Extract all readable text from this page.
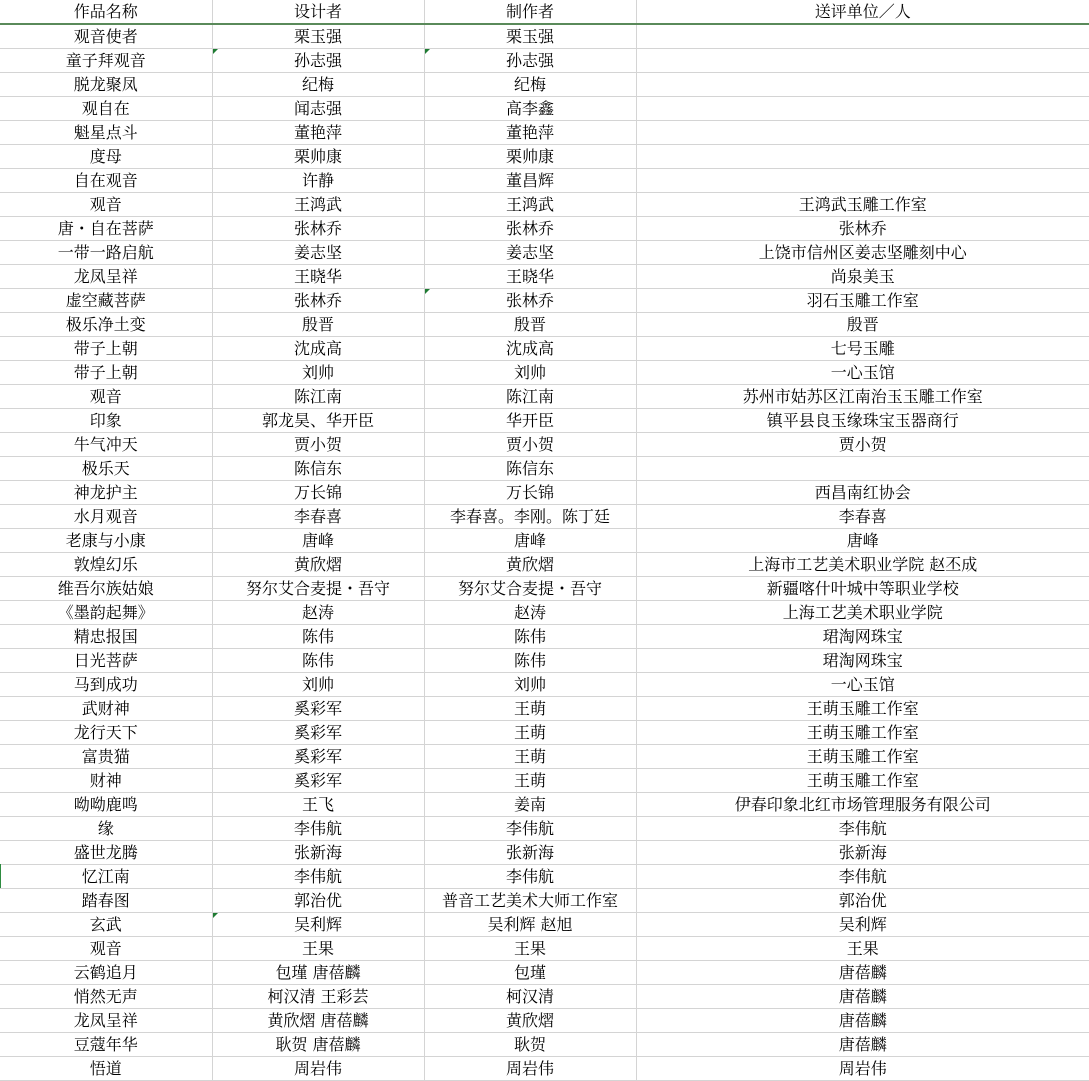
作品名称	设计者	制作者	送评单位／人
观音使者	栗玉强	栗玉强	
童子拜观音	孙志强	孙志强	
脱龙聚凤	纪梅	纪梅	
观自在	闻志强	高李鑫	
魁星点斗	董艳萍	董艳萍	
度母	栗帅康	栗帅康	
自在观音	许静	董昌辉	
观音	王鸿武	王鸿武	王鸿武玉雕工作室
唐・自在菩萨	张林乔	张林乔	张林乔
一带一路启航	姜志坚	姜志坚	上饶市信州区姜志坚雕刻中心
龙凤呈祥	王晓华	王晓华	尚泉美玉
虚空藏菩萨	张林乔	张林乔	羽石玉雕工作室
极乐净土变	殷晋	殷晋	殷晋
带子上朝	沈成高	沈成高	七号玉雕
带子上朝	刘帅	刘帅	一心玉馆
观音	陈江南	陈江南	苏州市姑苏区江南治玉玉雕工作室
印象	郭龙昊、华开臣	华开臣	镇平县良玉缘珠宝玉器商行
牛气冲天	贾小贺	贾小贺	贾小贺
极乐天	陈信东	陈信东	
神龙护主	万长锦	万长锦	西昌南红协会
水月观音	李春喜	李春喜。李刚。陈丁廷	李春喜
老康与小康	唐峰	唐峰	唐峰
敦煌幻乐	黄欣熠	黄欣熠	上海市工艺美术职业学院 赵丕成
维吾尔族姑娘	努尔艾合麦提・吾守	努尔艾合麦提・吾守	新疆喀什叶城中等职业学校
《墨韵起舞》	赵涛	赵涛	上海工艺美术职业学院
精忠报国	陈伟	陈伟	珺淘网珠宝
日光菩萨	陈伟	陈伟	珺淘网珠宝
马到成功	刘帅	刘帅	一心玉馆
武财神	奚彩军	王萌	王萌玉雕工作室
龙行天下	奚彩军	王萌	王萌玉雕工作室
富贵猫	奚彩军	王萌	王萌玉雕工作室
财神	奚彩军	王萌	王萌玉雕工作室
呦呦鹿鸣	王飞	姜南	伊春印象北红市场管理服务有限公司
缘	李伟航	李伟航	李伟航
盛世龙腾	张新海	张新海	张新海
忆江南	李伟航	李伟航	李伟航
踏春图	郭治优	普音工艺美术大师工作室	郭治优
玄武	吴利辉	吴利辉 赵旭	吴利辉
观音	王果	王果	王果
云鹤追月	包瑾 唐蓓麟	包瑾	唐蓓麟
悄然无声	柯汉清 王彩芸	柯汉清	唐蓓麟
龙凤呈祥	黄欣熠 唐蓓麟	黄欣熠	唐蓓麟
豆蔻年华	耿贺 唐蓓麟	耿贺	唐蓓麟
悟道	周岩伟	周岩伟	周岩伟
